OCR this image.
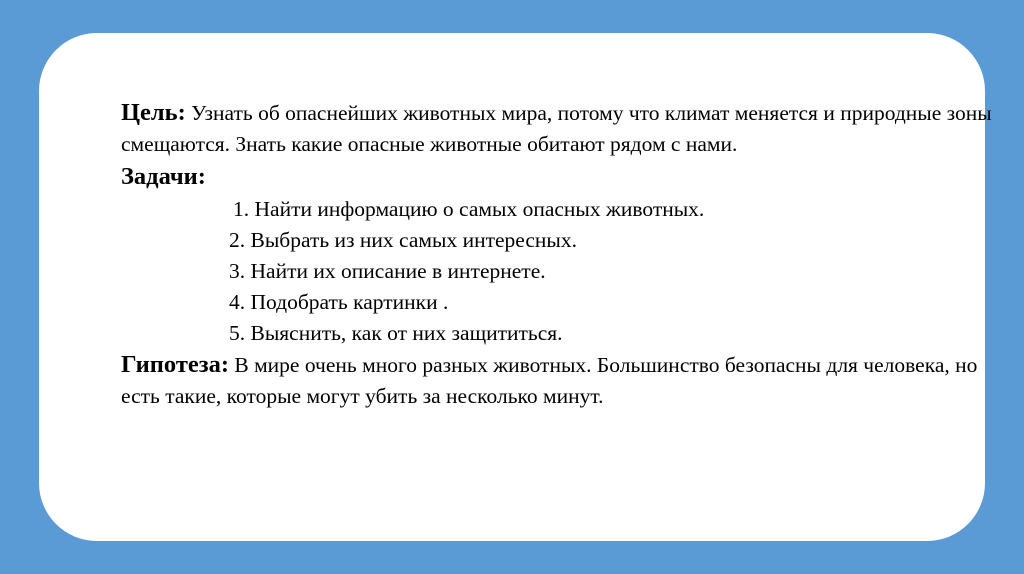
Цель: Узнать об опаснейших животных мира, потому что климат меняется и природные зоны смещаются. Знать какие опасные животные обитают рядом с нами.

Задачи:

1. Найти информацию о самых опасных животных.
2. Выбрать из них самых интересных.
3. Найти их описание в интернете.
4. Подобрать картинки .
5. Выяснить, как от них защититься.

Гипотеза: В мире очень много разных животных. Большинство безопасны для человека, но есть такие, которые могут убить за несколько минут.
